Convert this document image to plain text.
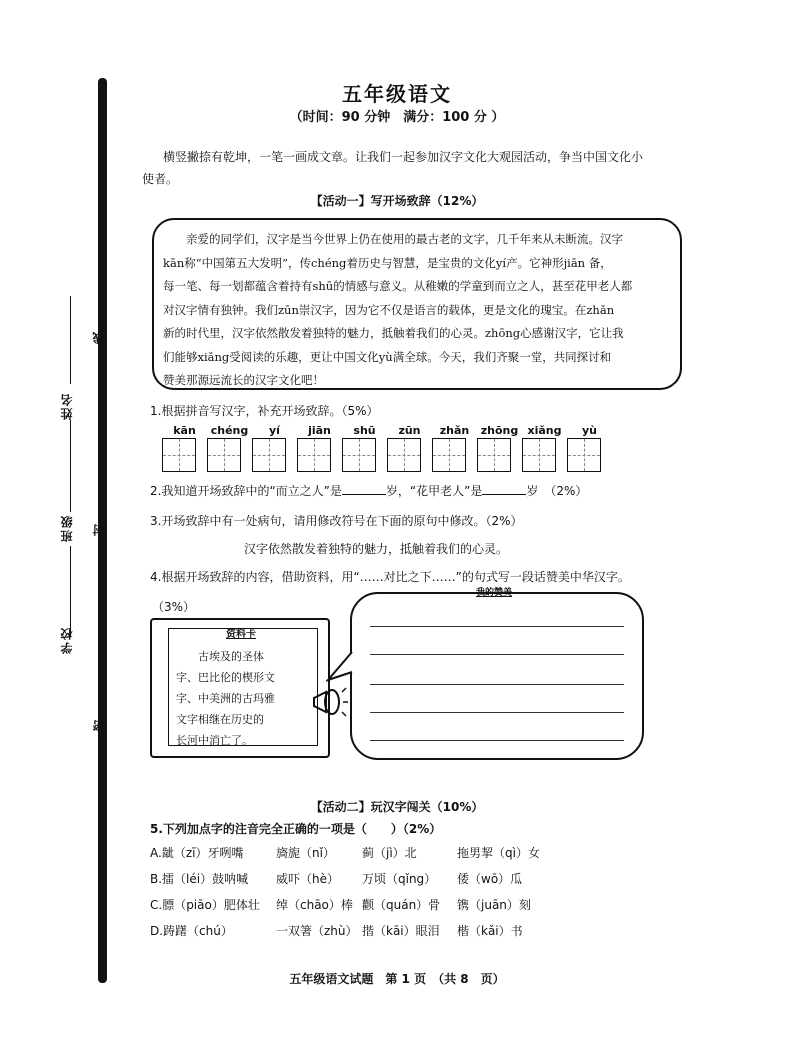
线
封
密
姓名
班级
学校
五年级语文
（时间：90 分钟　满分：100 分 ）
横竖撇捺有乾坤，一笔一画成文章。让我们一起参加汉字文化大观园活动，争当中国文化小
使者。
【活动一】写开场致辞（12%）
亲爱的同学们，汉字是当今世界上仍在使用的最古老的文字，几千年来从未断流。汉字
kān称“中国第五大发明”，传chéng着历史与智慧，是宝贵的文化yí产。它神形jiān 备，
每一笔、每一划都蕴含着持有shū的情感与意义。从稚嫩的学童到而立之人，甚至花甲老人都
对汉字情有独钟。我们zūn崇汉字，因为它不仅是语言的载体，更是文化的瑰宝。在zhǎn
新的时代里，汉字依然散发着独特的魅力，抵触着我们的心灵。zhōng心感谢汉字，它让我
们能够xiǎng受阅读的乐趣，更让中国文化yù满全球。今天，我们齐聚一堂，共同探讨和
赞美那源远流长的汉字文化吧！
1.根据拼音写汉字，补充开场致辞。（5%）
kān	chéng	yí	jiān	shū	zūn	zhǎn	zhōng xiǎng	yù
2.我知道开场致辞中的“而立之人”是	岁，“花甲老人”是	岁　（2%）
3.开场致辞中有一处病句，请用修改符号在下面的原句中修改。（2%）
汉字依然散发着独特的魅力，抵触着我们的心灵。
4.根据开场致辞的内容，借助资料，用“……对比之下……”的句式写一段话赞美中华汉字。
（3%）
资料卡
古埃及的圣体
字、巴比伦的楔形文
字、中美洲的古玛雅
文字相继在历史的
长河中消亡了。
我的赞美
【活动二】玩汉字闯关（10%）
5.下列加点字的注音完全正确的一项是（　　）（2%）
A.龇（zī）牙咧嘴	旖旎（nǐ）	蓟（jì）北	拖男挈（qì）女
B.擂（léi）鼓呐喊	威吓（hè）	万顷（qǐng）	倭（wō）瓜
C.膘（piāo）肥体壮	绰（chāo）棒 颧（quán）骨	镌（juān）刻
D.踌躇（chú）	一双箸（zhù） 揩（kāi）眼泪	楷（kǎi）书
五年级语文试题　第 1 页　（共 8　页）
